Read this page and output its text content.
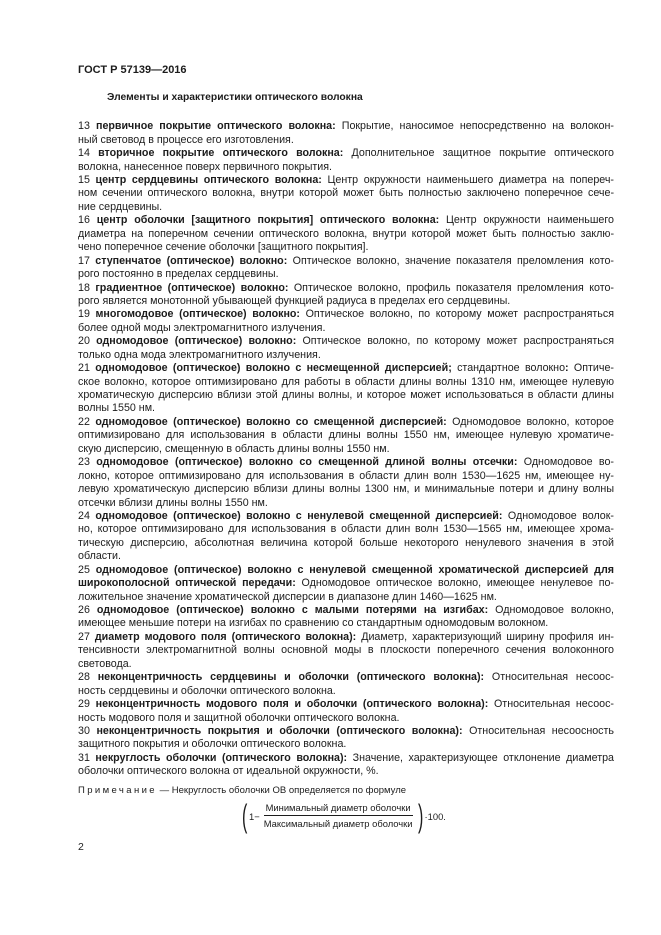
ГОСТ Р 57139—2016
Элементы и характеристики оптического волокна
13 первичное покрытие оптического волокна: Покрытие, наносимое непосредственно на волокон-
ный световод в процессе его изготовления.
14 вторичное покрытие оптического волокна: Дополнительное защитное покрытие оптического
волокна, нанесенное поверх первичного покрытия.
15 центр сердцевины оптического волокна: Центр окружности наименьшего диаметра на попереч-
ном сечении оптического волокна, внутри которой может быть полностью заключено поперечное сече-
ние сердцевины.
16 центр оболочки [защитного покрытия] оптического волокна: Центр окружности наименьшего
диаметра на поперечном сечении оптического волокна, внутри которой может быть полностью заклю-
чено поперечное сечение оболочки [защитного покрытия].
17 ступенчатое (оптическое) волокно: Оптическое волокно, значение показателя преломления кото-
рого постоянно в пределах сердцевины.
18 градиентное (оптическое) волокно: Оптическое волокно, профиль показателя преломления кото-
рого является монотонной убывающей функцией радиуса в пределах его сердцевины.
19 многомодовое (оптическое) волокно: Оптическое волокно, по которому может распространяться
более одной моды электромагнитного излучения.
20 одномодовое (оптическое) волокно: Оптическое волокно, по которому может распространяться
только одна мода электромагнитного излучения.
21 одномодовое (оптическое) волокно с несмещенной дисперсией; стандартное волокно: Оптиче-
ское волокно, которое оптимизировано для работы в области длины волны 1310 нм, имеющее нулевую
хроматическую дисперсию вблизи этой длины волны, и которое может использоваться в области длины
волны 1550 нм.
22 одномодовое (оптическое) волокно со смещенной дисперсией: Одномодовое волокно, которое
оптимизировано для использования в области длины волны 1550 нм, имеющее нулевую хроматиче-
скую дисперсию, смещенную в область длины волны 1550 нм.
23 одномодовое (оптическое) волокно со смещенной длиной волны отсечки: Одномодовое во-
локно, которое оптимизировано для использования в области длин волн 1530—1625 нм, имеющее ну-
левую хроматическую дисперсию вблизи длины волны 1300 нм, и минимальные потери и длину волны
отсечки вблизи длины волны 1550 нм.
24 одномодовое (оптическое) волокно с ненулевой смещенной дисперсией: Одномодовое волок-
но, которое оптимизировано для использования в области длин волн 1530—1565 нм, имеющее хрома-
тическую дисперсию, абсолютная величина которой больше некоторого ненулевого значения в этой
области.
25 одномодовое (оптическое) волокно с ненулевой смещенной хроматической дисперсией для
широкополосной оптической передачи: Одномодовое оптическое волокно, имеющее ненулевое по-
ложительное значение хроматической дисперсии в диапазоне длин 1460—1625 нм.
26 одномодовое (оптическое) волокно с малыми потерями на изгибах: Одномодовое волокно,
имеющее меньшие потери на изгибах по сравнению со стандартным одномодовым волокном.
27 диаметр модового поля (оптического волокна): Диаметр, характеризующий ширину профиля ин-
тенсивности электромагнитной волны основной моды в плоскости поперечного сечения волоконного
световода.
28 неконцентричность сердцевины и оболочки (оптического волокна): Относительная несоос-
ность сердцевины и оболочки оптического волокна.
29 неконцентричность модового поля и оболочки (оптического волокна): Относительная несоос-
ность модового поля и защитной оболочки оптического волокна.
30 неконцентричность покрытия и оболочки (оптического волокна): Относительная несоосность
защитного покрытия и оболочки оптического волокна.
31 некруглость оболочки (оптического волокна): Значение, характеризующее отклонение диаметра
оболочки оптического волокна от идеальной окружности, %.
Примечание — Некруглость оболочки ОВ определяется по формуле
( $1- \frac{\text{Минимальный диаметр оболочки}}{\text{Максимальный диаметр оболочки}}$ ) ·100.
2
